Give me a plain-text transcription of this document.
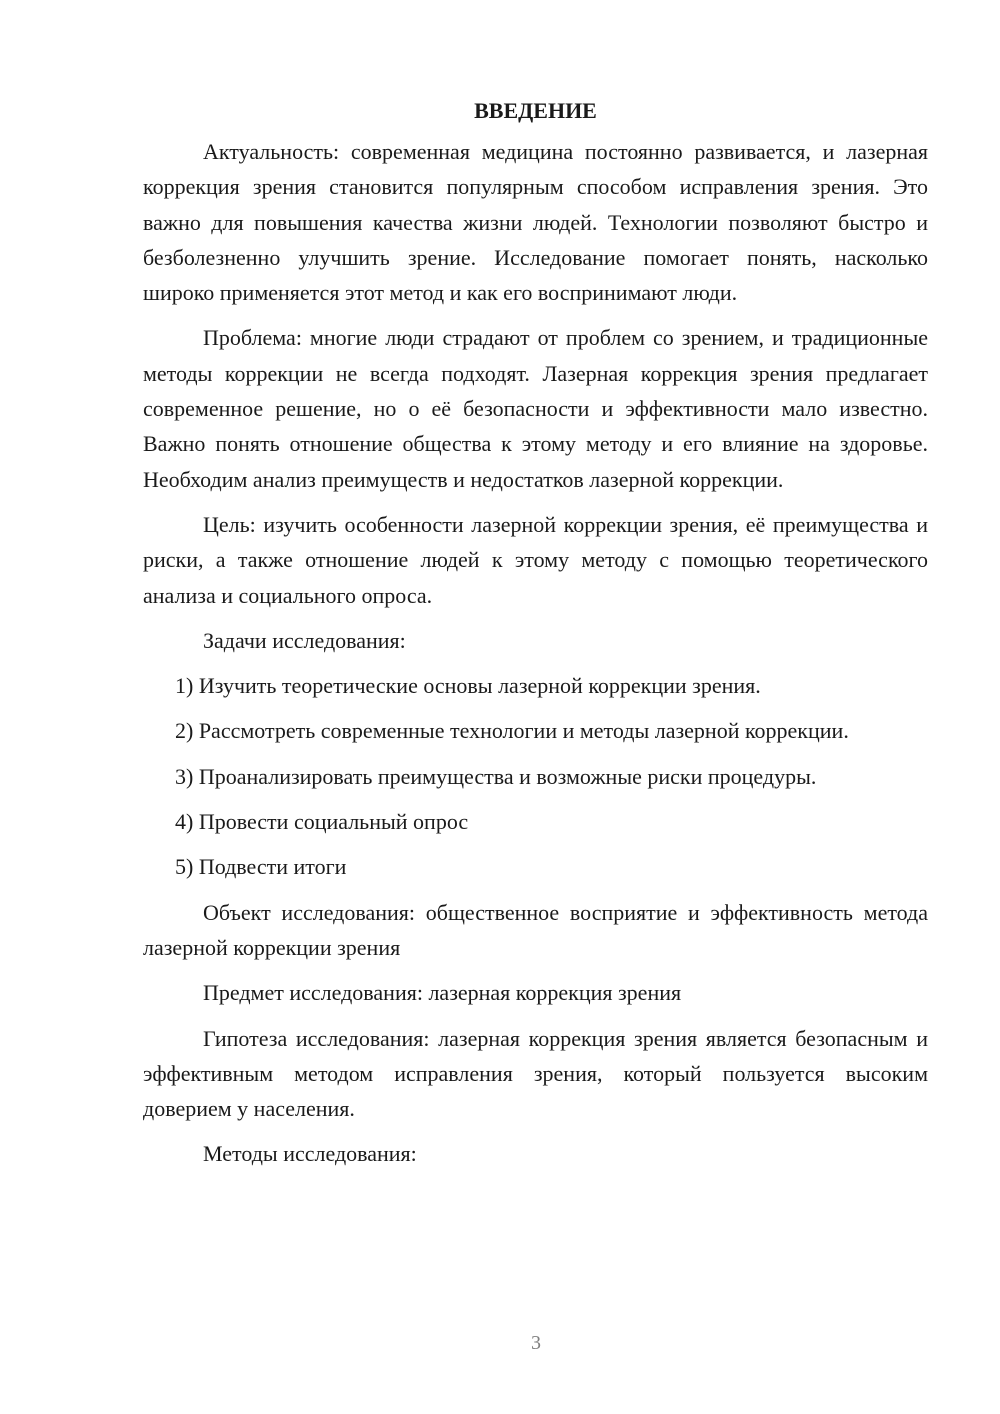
ВВЕДЕНИЕ

Актуальность: современная медицина постоянно развивается, и лазерная коррекция зрения становится популярным способом исправления зрения. Это важно для повышения качества жизни людей. Технологии позволяют быстро и безболезненно улучшить зрение. Исследование помогает понять, насколько широко применяется этот метод и как его воспринимают люди.

Проблема: многие люди страдают от проблем со зрением, и традиционные методы коррекции не всегда подходят. Лазерная коррекция зрения предлагает современное решение, но о её безопасности и эффективности мало известно. Важно понять отношение общества к этому методу и его влияние на здоровье. Необходим анализ преимуществ и недостатков лазерной коррекции.

Цель: изучить особенности лазерной коррекции зрения, её преимущества и риски, а также отношение людей к этому методу с помощью теоретического анализа и социального опроса.

Задачи исследования:

1) Изучить теоретические основы лазерной коррекции зрения.

2) Рассмотреть современные технологии и методы лазерной коррекции.

3) Проанализировать преимущества и возможные риски процедуры.

4) Провести социальный опрос

5) Подвести итоги

Объект исследования: общественное восприятие и эффективность метода лазерной коррекции зрения

Предмет исследования: лазерная коррекция зрения

Гипотеза исследования: лазерная коррекция зрения является безопасным и эффективным методом исправления зрения, который пользуется высоким доверием у населения.

Методы исследования:

3
